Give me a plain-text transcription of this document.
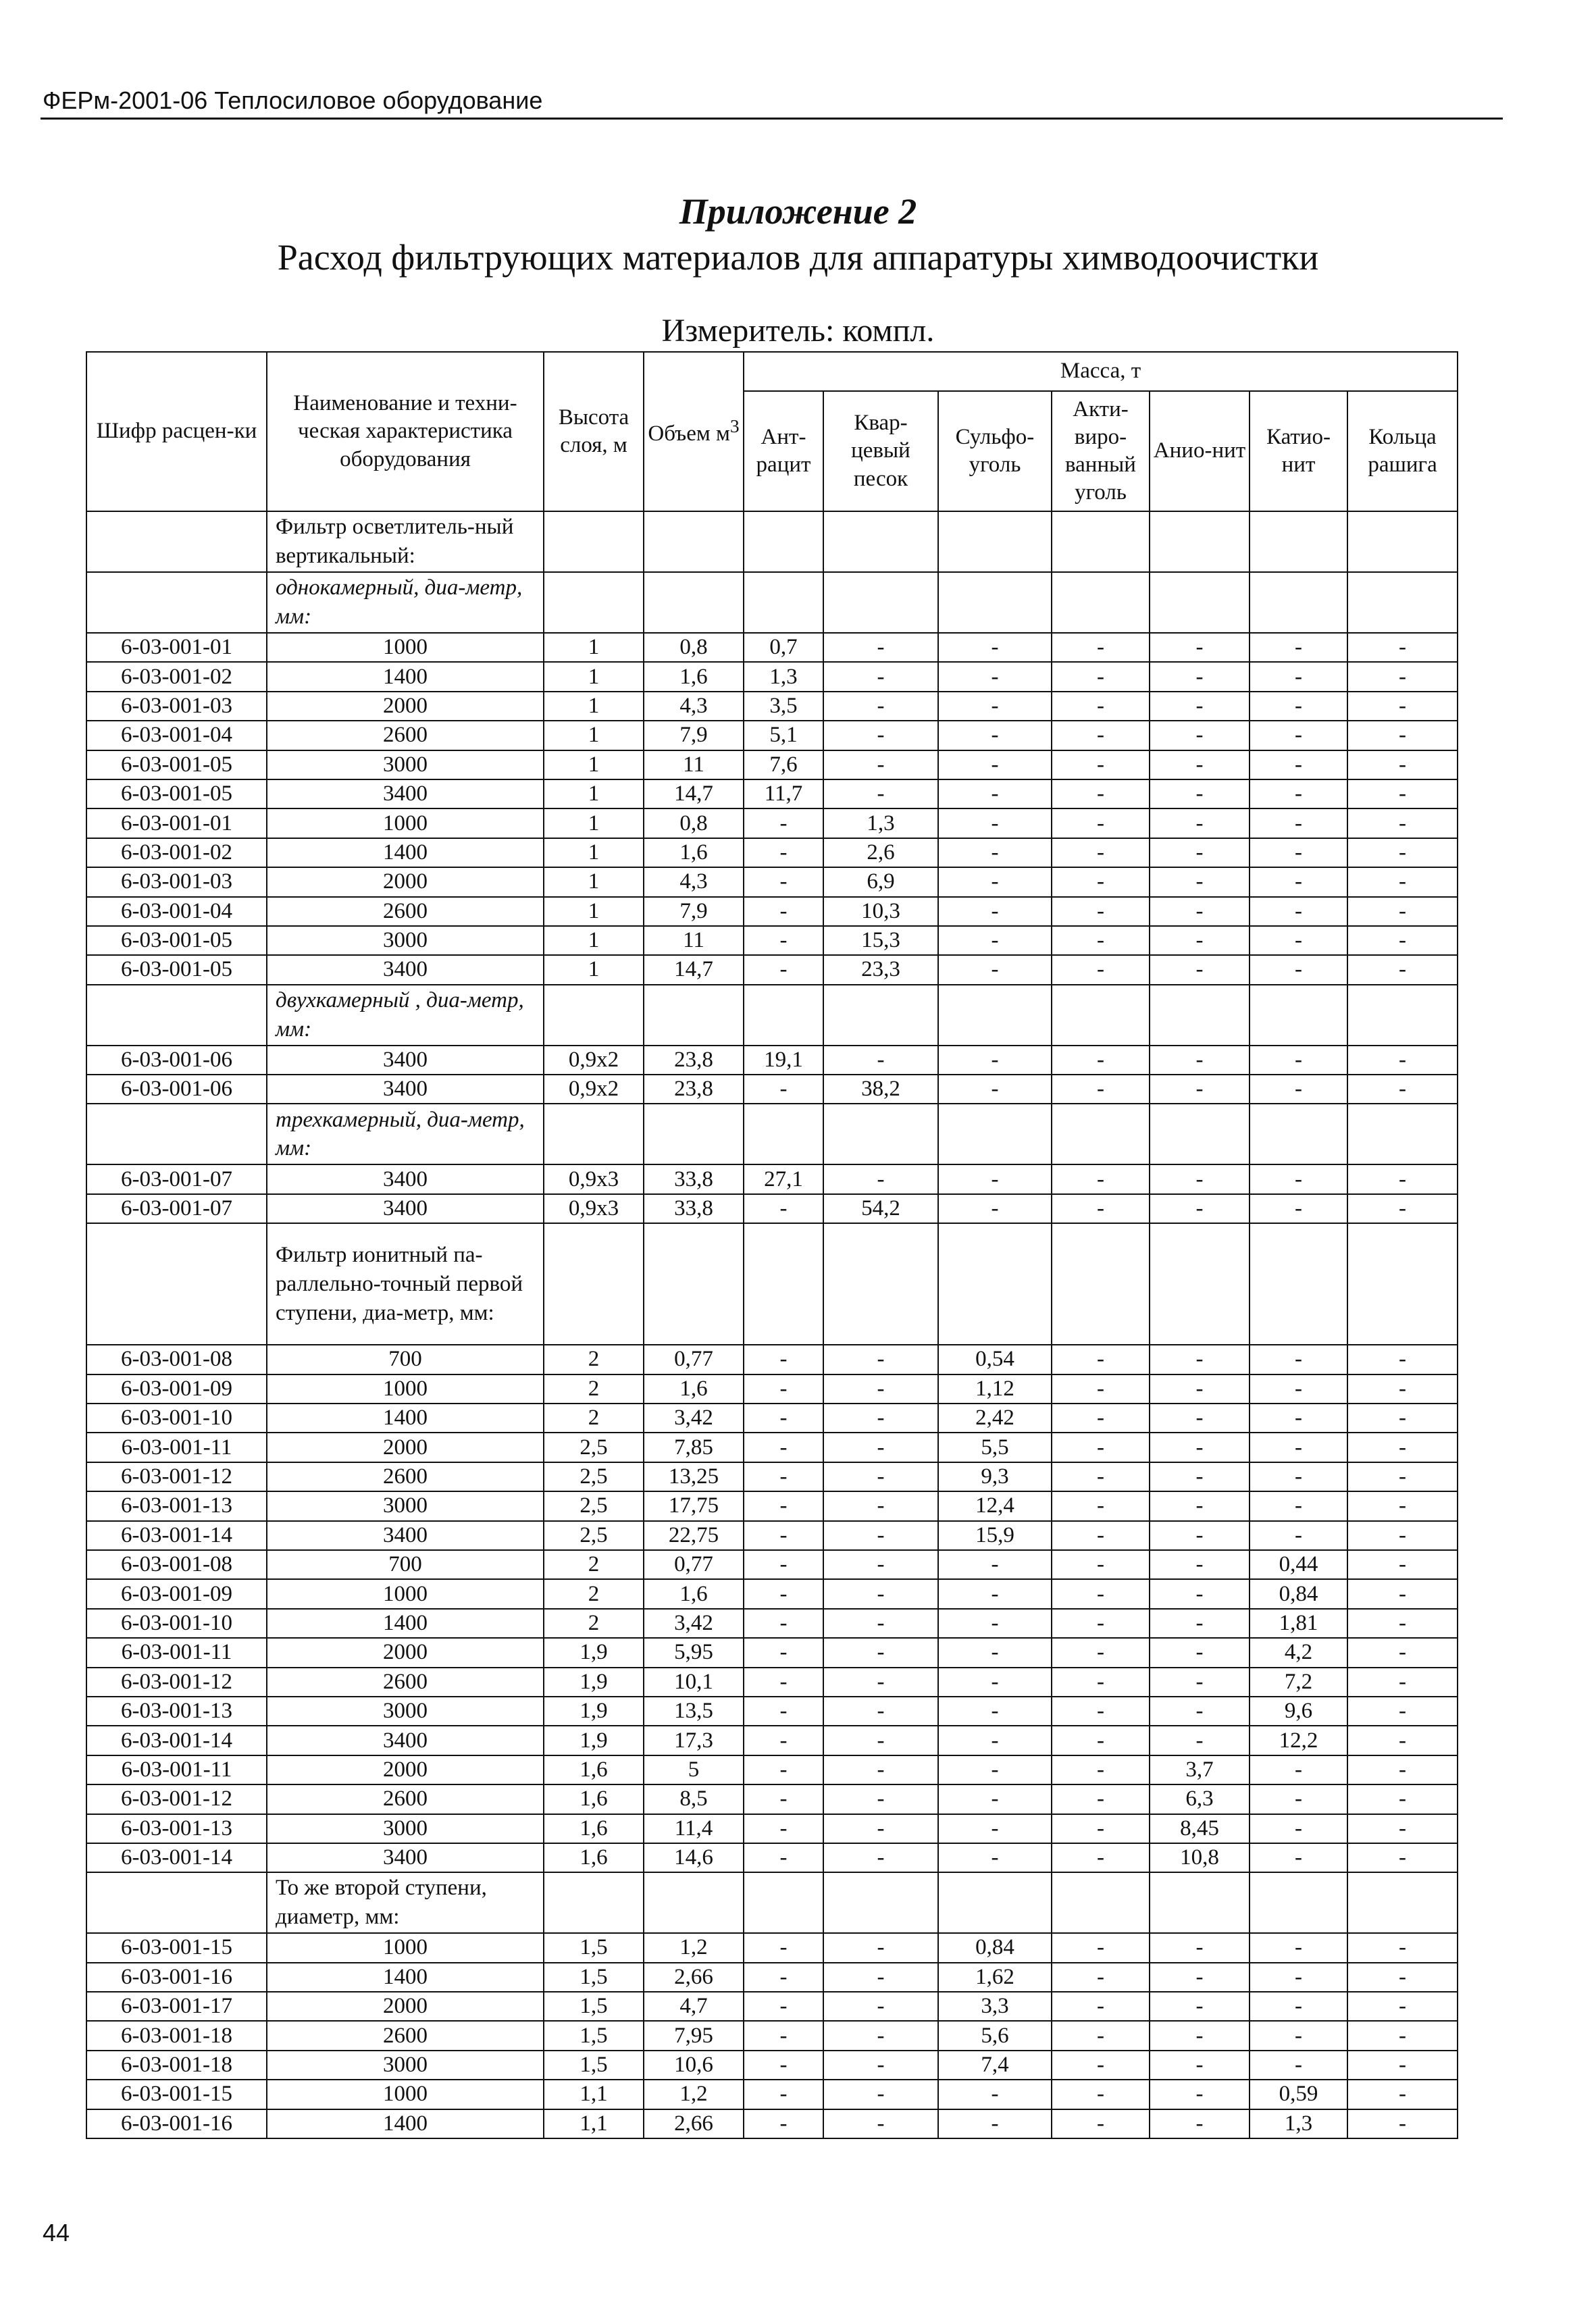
ФЕРм-2001-06 Теплосиловое оборудование
Приложение 2
Расход фильтрующих материалов для аппаратуры химводоочистки
Измеритель: компл.
Шифр расцен-ки	Наименование и техни-ческая характеристика оборудования	Высота слоя, м	Объем $м^3$	Масса, т						
				Ант-рацит	Квар-цевый песок	Сульфо-уголь	Акти-виро-ванный уголь	Анио-нит	Катио-нит	Кольца рашига
	Фильтр осветлитель-ный вертикальный:									
	однокамерный, диа-метр, мм:									
6-03-001-01	1000	1	0,8	0,7	-	-	-	-	-	-
6-03-001-02	1400	1	1,6	1,3	-	-	-	-	-	-
6-03-001-03	2000	1	4,3	3,5	-	-	-	-	-	-
6-03-001-04	2600	1	7,9	5,1	-	-	-	-	-	-
6-03-001-05	3000	1	11	7,6	-	-	-	-	-	-
6-03-001-05	3400	1	14,7	11,7	-	-	-	-	-	-
6-03-001-01	1000	1	0,8	-	1,3	-	-	-	-	-
6-03-001-02	1400	1	1,6	-	2,6	-	-	-	-	-
6-03-001-03	2000	1	4,3	-	6,9	-	-	-	-	-
6-03-001-04	2600	1	7,9	-	10,3	-	-	-	-	-
6-03-001-05	3000	1	11	-	15,3	-	-	-	-	-
6-03-001-05	3400	1	14,7	-	23,3	-	-	-	-	-
	двухкамерный , диа-метр, мм:									
6-03-001-06	3400	0,9х2	23,8	19,1	-	-	-	-	-	-
6-03-001-06	3400	0,9х2	23,8	-	38,2	-	-	-	-	-
	трехкамерный, диа-метр, мм:									
6-03-001-07	3400	0,9х3	33,8	27,1	-	-	-	-	-	-
6-03-001-07	3400	0,9х3	33,8	-	54,2	-	-	-	-	-
	Фильтр ионитный па-раллельно-точный первой ступени, диа-метр, мм:									
6-03-001-08	700	2	0,77	-	-	0,54	-	-	-	-
6-03-001-09	1000	2	1,6	-	-	1,12	-	-	-	-
6-03-001-10	1400	2	3,42	-	-	2,42	-	-	-	-
6-03-001-11	2000	2,5	7,85	-	-	5,5	-	-	-	-
6-03-001-12	2600	2,5	13,25	-	-	9,3	-	-	-	-
6-03-001-13	3000	2,5	17,75	-	-	12,4	-	-	-	-
6-03-001-14	3400	2,5	22,75	-	-	15,9	-	-	-	-
6-03-001-08	700	2	0,77	-	-	-	-	-	0,44	-
6-03-001-09	1000	2	1,6	-	-	-	-	-	0,84	-
6-03-001-10	1400	2	3,42	-	-	-	-	-	1,81	-
6-03-001-11	2000	1,9	5,95	-	-	-	-	-	4,2	-
6-03-001-12	2600	1,9	10,1	-	-	-	-	-	7,2	-
6-03-001-13	3000	1,9	13,5	-	-	-	-	-	9,6	-
6-03-001-14	3400	1,9	17,3	-	-	-	-	-	12,2	-
6-03-001-11	2000	1,6	5	-	-	-	-	3,7	-	-
6-03-001-12	2600	1,6	8,5	-	-	-	-	6,3	-	-
6-03-001-13	3000	1,6	11,4	-	-	-	-	8,45	-	-
6-03-001-14	3400	1,6	14,6	-	-	-	-	10,8	-	-
	То же второй ступени, диаметр, мм:									
6-03-001-15	1000	1,5	1,2	-	-	0,84	-	-	-	-
6-03-001-16	1400	1,5	2,66	-	-	1,62	-	-	-	-
6-03-001-17	2000	1,5	4,7	-	-	3,3	-	-	-	-
6-03-001-18	2600	1,5	7,95	-	-	5,6	-	-	-	-
6-03-001-18	3000	1,5	10,6	-	-	7,4	-	-	-	-
6-03-001-15	1000	1,1	1,2	-	-	-	-	-	0,59	-
6-03-001-16	1400	1,1	2,66	-	-	-	-	-	1,3	-
44
